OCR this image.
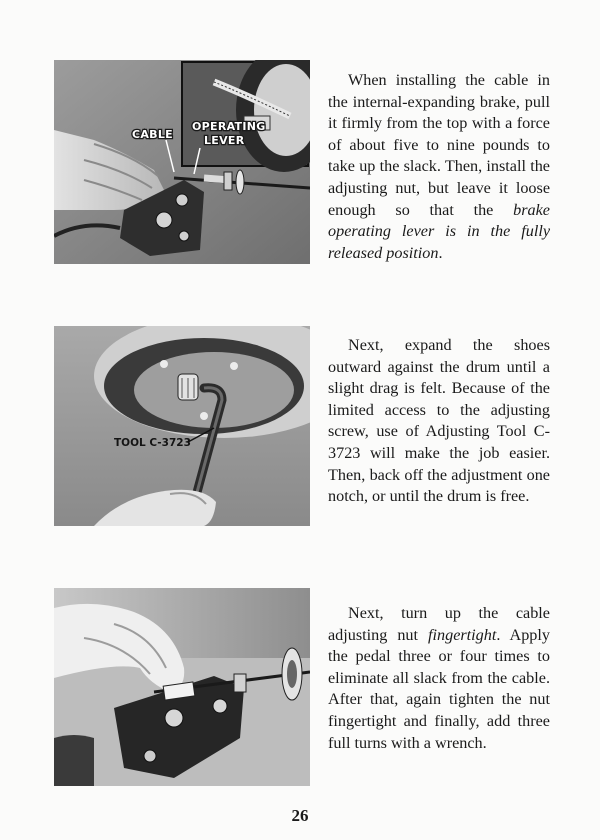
CABLE
OPERATING
LEVER

When installing the cable in the internal-expanding brake, pull it firmly from the top with a force of about five to nine pounds to take up the slack. Then, install the adjusting nut, but leave it loose enough so that the brake operating lever is in the fully released position.

TOOL C-3723

Next, expand the shoes outward against the drum until a slight drag is felt. Because of the limited access to the adjusting screw, use of Adjusting Tool C-3723 will make the job easier. Then, back off the adjustment one notch, or until the drum is free.

Next, turn up the cable adjusting nut fingertight. Apply the pedal three or four times to eliminate all slack from the cable. After that, again tighten the nut fingertight and finally, add three full turns with a wrench.

26
